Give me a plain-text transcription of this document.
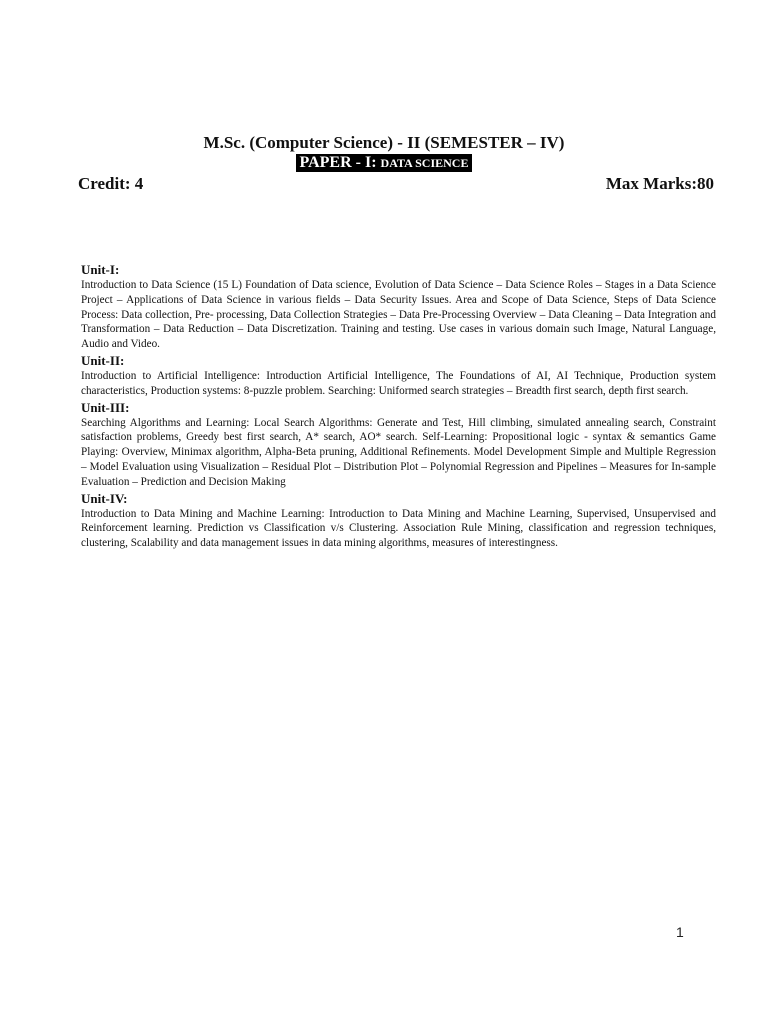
M.Sc. (Computer Science) - II (SEMESTER – IV)
PAPER - I: DATA SCIENCE
Credit: 4	Max Marks:80

Unit-I:

Introduction to Data Science (15 L) Foundation of Data science, Evolution of Data Science – Data Science Roles – Stages in a Data Science Project – Applications of Data Science in various fields – Data Security Issues. Area and Scope of Data Science, Steps of Data Science Process: Data collection, Pre- processing, Data Collection Strategies – Data Pre-Processing Overview – Data Cleaning – Data Integration and Transformation – Data Reduction – Data Discretization. Training and testing. Use cases in various domain such Image, Natural Language, Audio and Video.

Unit-II:

Introduction to Artificial Intelligence: Introduction Artificial Intelligence, The Foundations of AI, AI Technique, Production system characteristics, Production systems: 8-puzzle problem. Searching: Uniformed search strategies – Breadth first search, depth first search.

Unit-III:

Searching Algorithms and Learning: Local Search Algorithms: Generate and Test, Hill climbing, simulated annealing search, Constraint satisfaction problems, Greedy best first search, A* search, AO* search. Self-Learning: Propositional logic - syntax & semantics Game Playing: Overview, Minimax algorithm, Alpha-Beta pruning, Additional Refinements. Model Development Simple and Multiple Regression – Model Evaluation using Visualization – Residual Plot – Distribution Plot – Polynomial Regression and Pipelines – Measures for In-sample Evaluation – Prediction and Decision Making

Unit-IV:

Introduction to Data Mining and Machine Learning: Introduction to Data Mining and Machine Learning, Supervised, Unsupervised and Reinforcement learning. Prediction vs Classification v/s Clustering. Association Rule Mining, classification and regression techniques, clustering, Scalability and data management issues in data mining algorithms, measures of interestingness.

1
